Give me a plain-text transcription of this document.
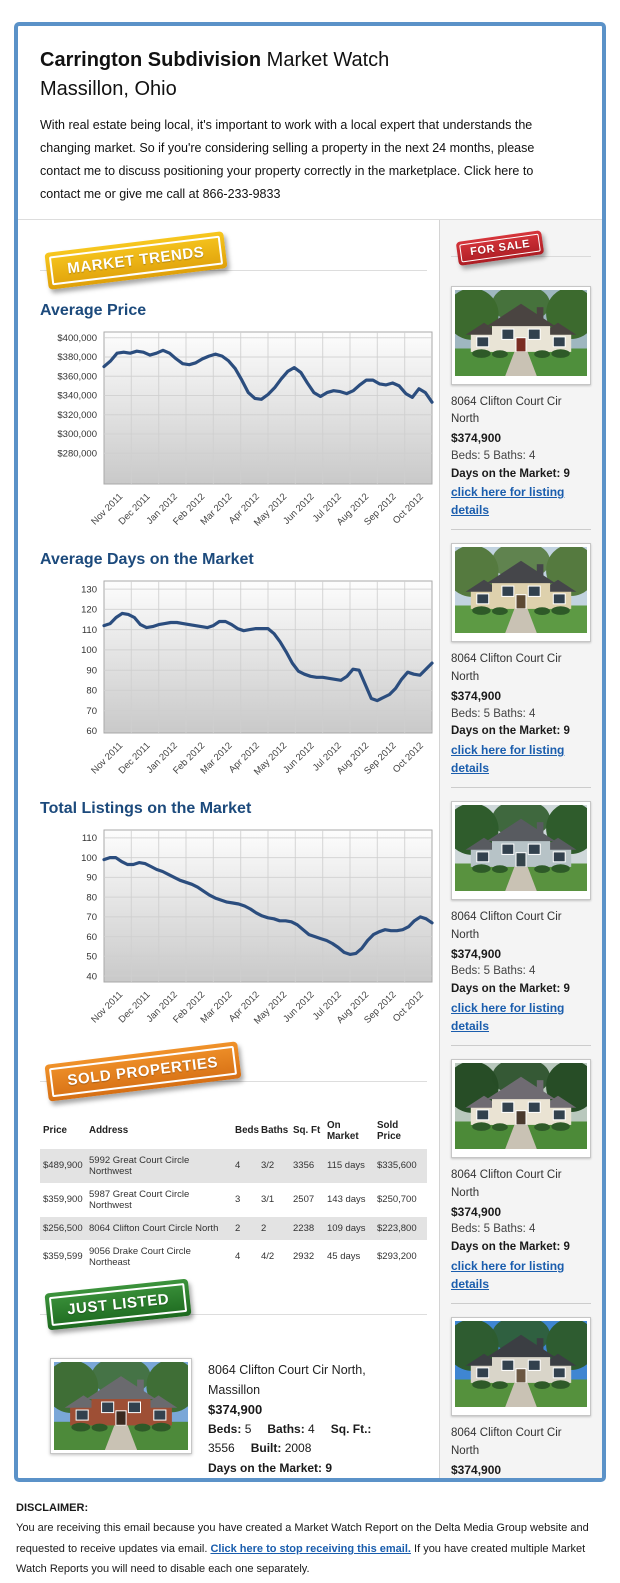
Carrington Subdivision Market Watch
Massillon, Ohio
With real estate being local, it's important to work with a local expert that understands the changing market. So if you're considering selling a property in the next 24 months, please contact me to discuss positioning your property correctly in the marketplace. Click here to contact me or give me call at 866-233-9833
MARKET TRENDS
Average Price
$400,000
$380,000
$360,000
$340,000
$320,000
$300,000
$280,000
Nov 2011
Dec 2011
Jan 2012
Feb 2012
Mar 2012
Apr 2012
May 2012
Jun 2012
Jul 2012
Aug 2012
Sep 2012
Oct 2012
Average Days on the Market
130
120
110
100
90
80
70
60
Nov 2011
Dec 2011
Jan 2012
Feb 2012
Mar 2012
Apr 2012
May 2012
Jun 2012
Jul 2012
Aug 2012
Sep 2012
Oct 2012
Total Listings on the Market
110
100
90
80
70
60
50
40
Nov 2011
Dec 2011
Jan 2012
Feb 2012
Mar 2012
Apr 2012
May 2012
Jun 2012
Jul 2012
Aug 2012
Sep 2012
Oct 2012
SOLD PROPERTIES
Price	Address	Beds	Baths	Sq. Ft	On Market	Sold Price
$489,900	5992 Great Court Circle Northwest	4	3/2	3356	115 days	$335,600
$359,900	5987 Great Court Circle Northwest	3	3/1	2507	143 days	$250,700
$256,500	8064 Clifton Court Circle North	2	2	2238	109 days	$223,800
$359,599	9056 Drake Court Circle Northeast	4	4/2	2932	45 days	$293,200
JUST LISTED
8064 Clifton Court Cir North, Massillon
$374,900
Beds: 5 Baths: 4 Sq. Ft.: 3556 Built: 2008
Days on the Market: 9
FOR SALE
8064 Clifton Court Cir North
$374,900
Beds: 5 Baths: 4
Days on the Market: 9
click here for listing details
8064 Clifton Court Cir North
$374,900
Beds: 5 Baths: 4
Days on the Market: 9
click here for listing details
8064 Clifton Court Cir North
$374,900
Beds: 5 Baths: 4
Days on the Market: 9
click here for listing details
8064 Clifton Court Cir North
$374,900
Beds: 5 Baths: 4
Days on the Market: 9
click here for listing details
8064 Clifton Court Cir North
$374,900
DISCLAIMER:
You are receiving this email because you have created a Market Watch Report on the Delta Media Group website and requested to receive updates via email. Click here to stop receiving this email. If you have created multiple Market Watch Reports you will need to disable each one separately.
